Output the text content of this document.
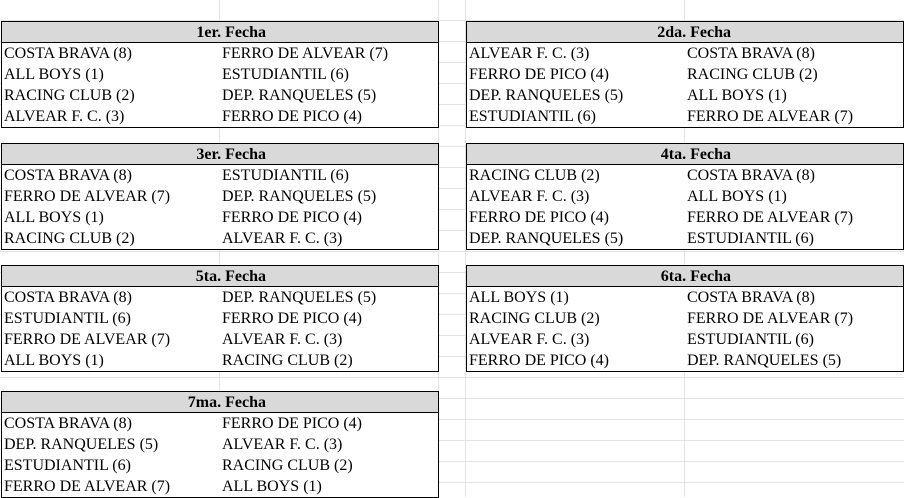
1er. Fecha
COSTA BRAVA (8)	FERRO DE ALVEAR (7)
ALL BOYS (1)	ESTUDIANTIL (6)
RACING CLUB (2)	DEP. RANQUELES (5)
ALVEAR F. C. (3)	FERRO DE PICO (4)
2da. Fecha
ALVEAR F. C. (3)	COSTA BRAVA (8)
FERRO DE PICO (4)	RACING CLUB (2)
DEP. RANQUELES (5)	ALL BOYS (1)
ESTUDIANTIL (6)	FERRO DE ALVEAR (7)
3er. Fecha
COSTA BRAVA (8)	ESTUDIANTIL (6)
FERRO DE ALVEAR (7)	DEP. RANQUELES (5)
ALL BOYS (1)	FERRO DE PICO (4)
RACING CLUB (2)	ALVEAR F. C. (3)
4ta. Fecha
RACING CLUB (2)	COSTA BRAVA (8)
ALVEAR F. C. (3)	ALL BOYS (1)
FERRO DE PICO (4)	FERRO DE ALVEAR (7)
DEP. RANQUELES (5)	ESTUDIANTIL (6)
5ta. Fecha
COSTA BRAVA (8)	DEP. RANQUELES (5)
ESTUDIANTIL (6)	FERRO DE PICO (4)
FERRO DE ALVEAR (7)	ALVEAR F. C. (3)
ALL BOYS (1)	RACING CLUB (2)
6ta. Fecha
ALL BOYS (1)	COSTA BRAVA (8)
RACING CLUB (2)	FERRO DE ALVEAR (7)
ALVEAR F. C. (3)	ESTUDIANTIL (6)
FERRO DE PICO (4)	DEP. RANQUELES (5)
7ma. Fecha
COSTA BRAVA (8)	FERRO DE PICO (4)
DEP. RANQUELES (5)	ALVEAR F. C. (3)
ESTUDIANTIL (6)	RACING CLUB (2)
FERRO DE ALVEAR (7)	ALL BOYS (1)
